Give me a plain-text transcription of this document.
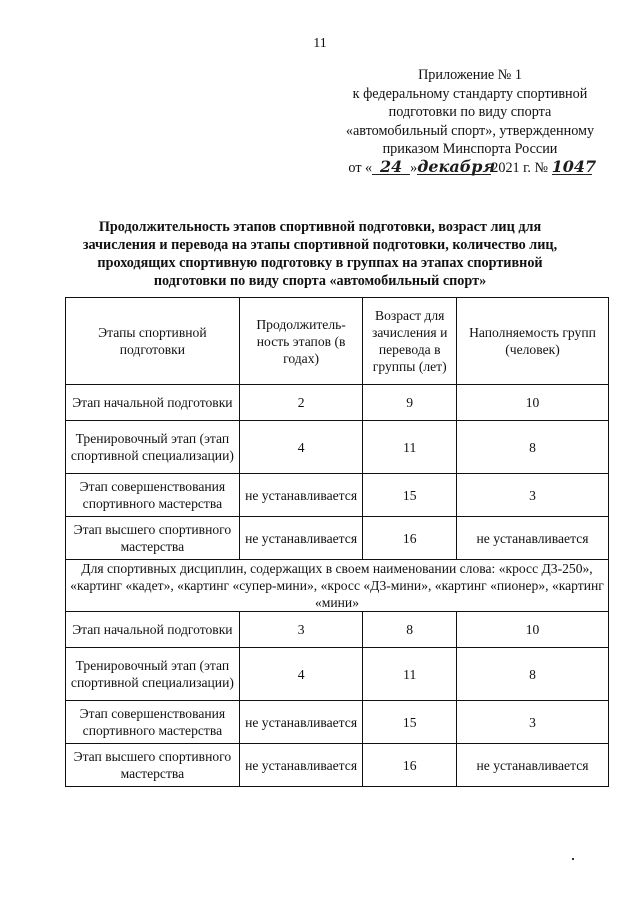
11
Приложение № 1
к федеральному стандарту спортивной
подготовки по виду спорта
«автомобильный спорт», утвержденному
приказом Минспорта России
от « 24 »декабря2021 г. № 1047
Продолжительность этапов спортивной подготовки, возраст лиц для
зачисления и перевода на этапы спортивной подготовки, количество лиц,
проходящих спортивную подготовку в группах на этапах спортивной
подготовки по виду спорта «автомобильный спорт»
Этапы спортивной подготовки	Продолжитель-ность этапов (в годах)	Возраст для зачисления и перевода в группы (лет)	Наполняемость групп (человек)
Этап начальной подготовки	2	9	10
Тренировочный этап (этап спортивной специализации)	4	11	8
Этап совершенствования спортивного мастерства	не устанавливается	15	3
Этап высшего спортивного мастерства	не устанавливается	16	не устанавливается
Для спортивных дисциплин, содержащих в своем наименовании слова: «кросс Д3-250», «картинг «кадет», «картинг «супер-мини», «кросс «Д3-мини», «картинг «пионер», «картинг «мини»			
Этап начальной подготовки	3	8	10
Тренировочный этап (этап спортивной специализации)	4	11	8
Этап совершенствования спортивного мастерства	не устанавливается	15	3
Этап высшего спортивного мастерства	не устанавливается	16	не устанавливается
